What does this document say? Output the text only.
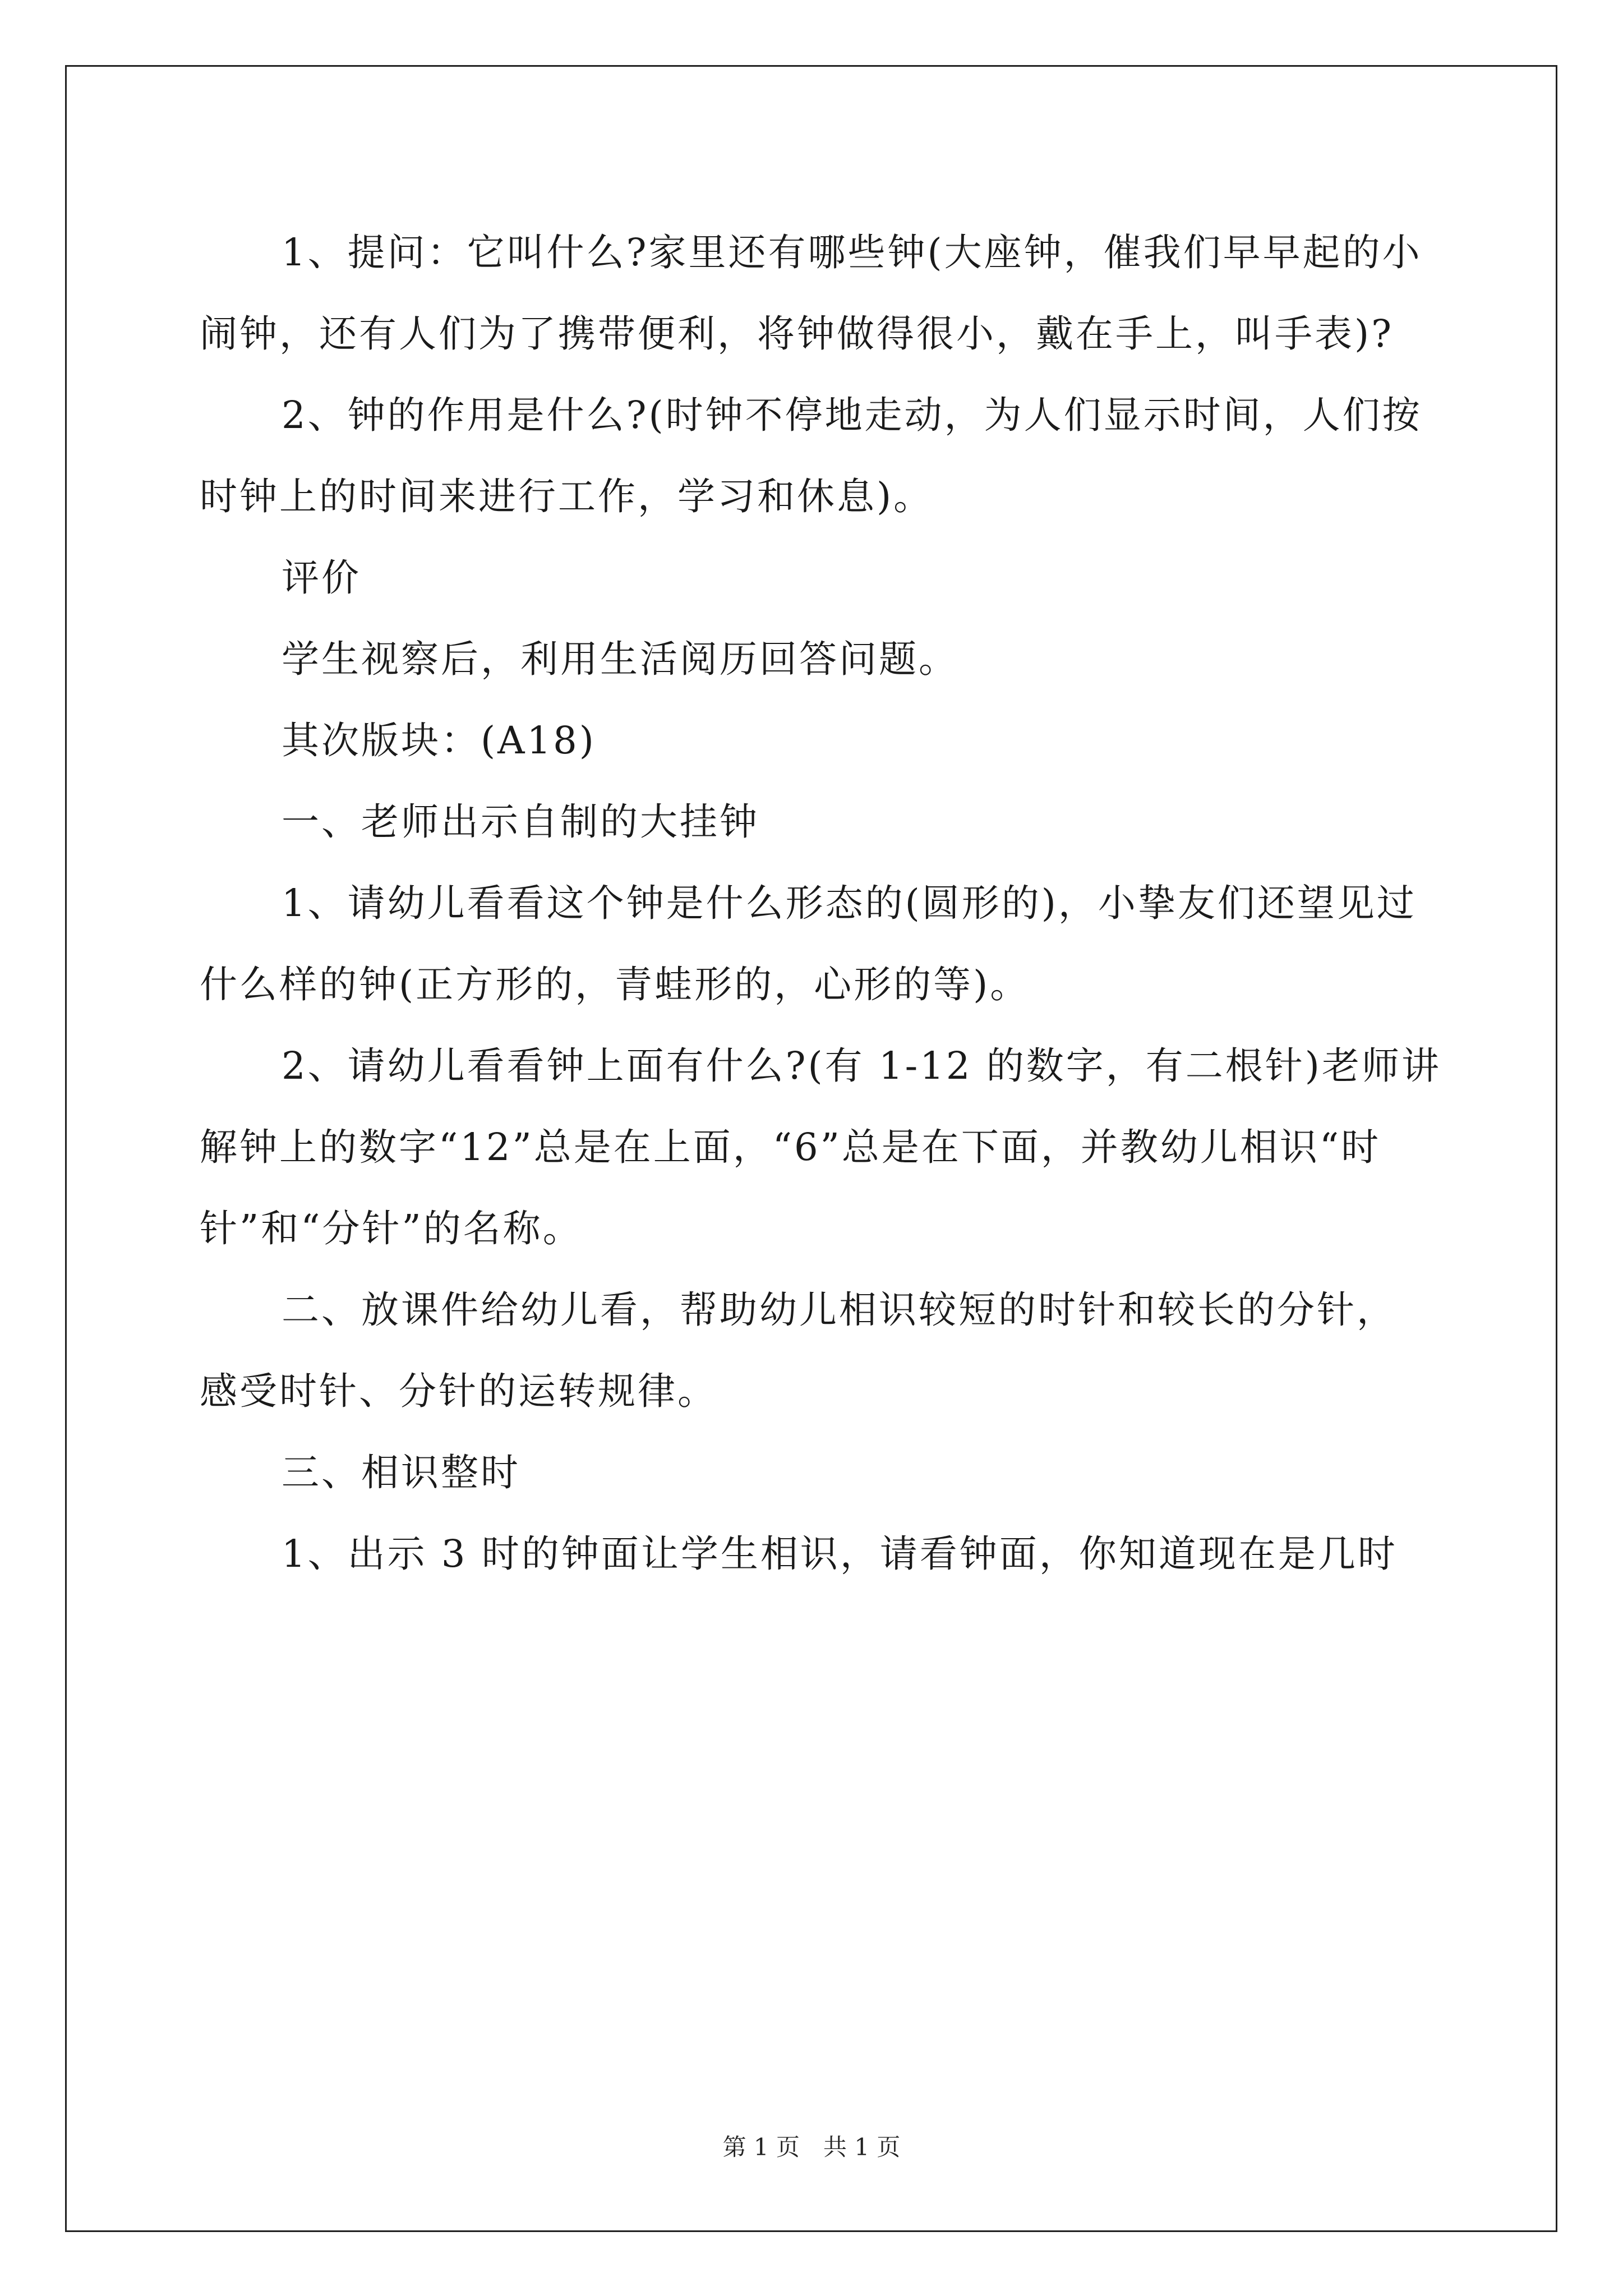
1、提问：它叫什么?家里还有哪些钟(大座钟，催我们早早起的小

闹钟，还有人们为了携带便利，将钟做得很小，戴在手上，叫手表)?

2、钟的作用是什么?(时钟不停地走动，为人们显示时间，人们按

时钟上的时间来进行工作，学习和休息)。

评价

学生视察后，利用生活阅历回答问题。

其次版块：(A18)

一、老师出示自制的大挂钟

1、请幼儿看看这个钟是什么形态的(圆形的)，小挚友们还望见过

什么样的钟(正方形的，青蛙形的，心形的等)。

2、请幼儿看看钟上面有什么?(有 1-12 的数字，有二根针)老师讲

解钟上的数字“12”总是在上面，“6”总是在下面，并教幼儿相识“时

针”和“分针”的名称。

二、放课件给幼儿看，帮助幼儿相识较短的时针和较长的分针，

感受时针、分针的运转规律。

三、相识整时

1、出示 3 时的钟面让学生相识，请看钟面，你知道现在是几时

第 1 页　共 1 页
